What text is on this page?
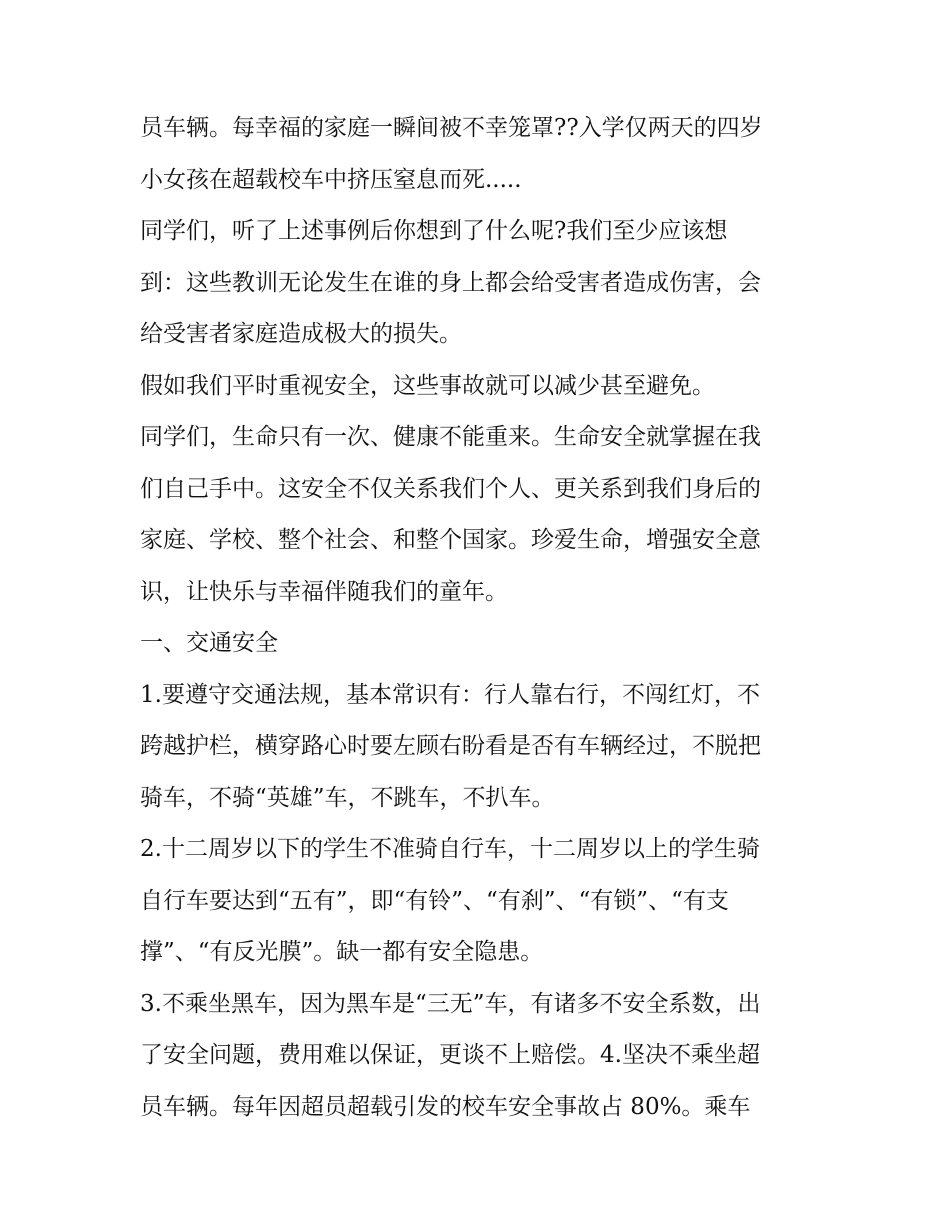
员车辆。每幸福的家庭一瞬间被不幸笼罩??入学仅两天的四岁
小女孩在超载校车中挤压窒息而死.....
同学们，听了上述事例后你想到了什么呢?我们至少应该想
到：这些教训无论发生在谁的身上都会给受害者造成伤害，会
给受害者家庭造成极大的损失。
假如我们平时重视安全，这些事故就可以减少甚至避免。
同学们，生命只有一次、健康不能重来。生命安全就掌握在我
们自己手中。这安全不仅关系我们个人、更关系到我们身后的
家庭、学校、整个社会、和整个国家。珍爱生命，增强安全意
识，让快乐与幸福伴随我们的童年。
一、交通安全
1.要遵守交通法规，基本常识有：行人靠右行，不闯红灯，不
跨越护栏，横穿路心时要左顾右盼看是否有车辆经过，不脱把
骑车，不骑“英雄”车，不跳车，不扒车。
2.十二周岁以下的学生不准骑自行车，十二周岁以上的学生骑
自行车要达到“五有”，即“有铃”、“有刹”、“有锁”、“有支
撑”、“有反光膜”。缺一都有安全隐患。
3.不乘坐黑车，因为黑车是“三无”车，有诸多不安全系数，出
了安全问题，费用难以保证，更谈不上赔偿。4.坚决不乘坐超
员车辆。每年因超员超载引发的校车安全事故占 80%。乘车
